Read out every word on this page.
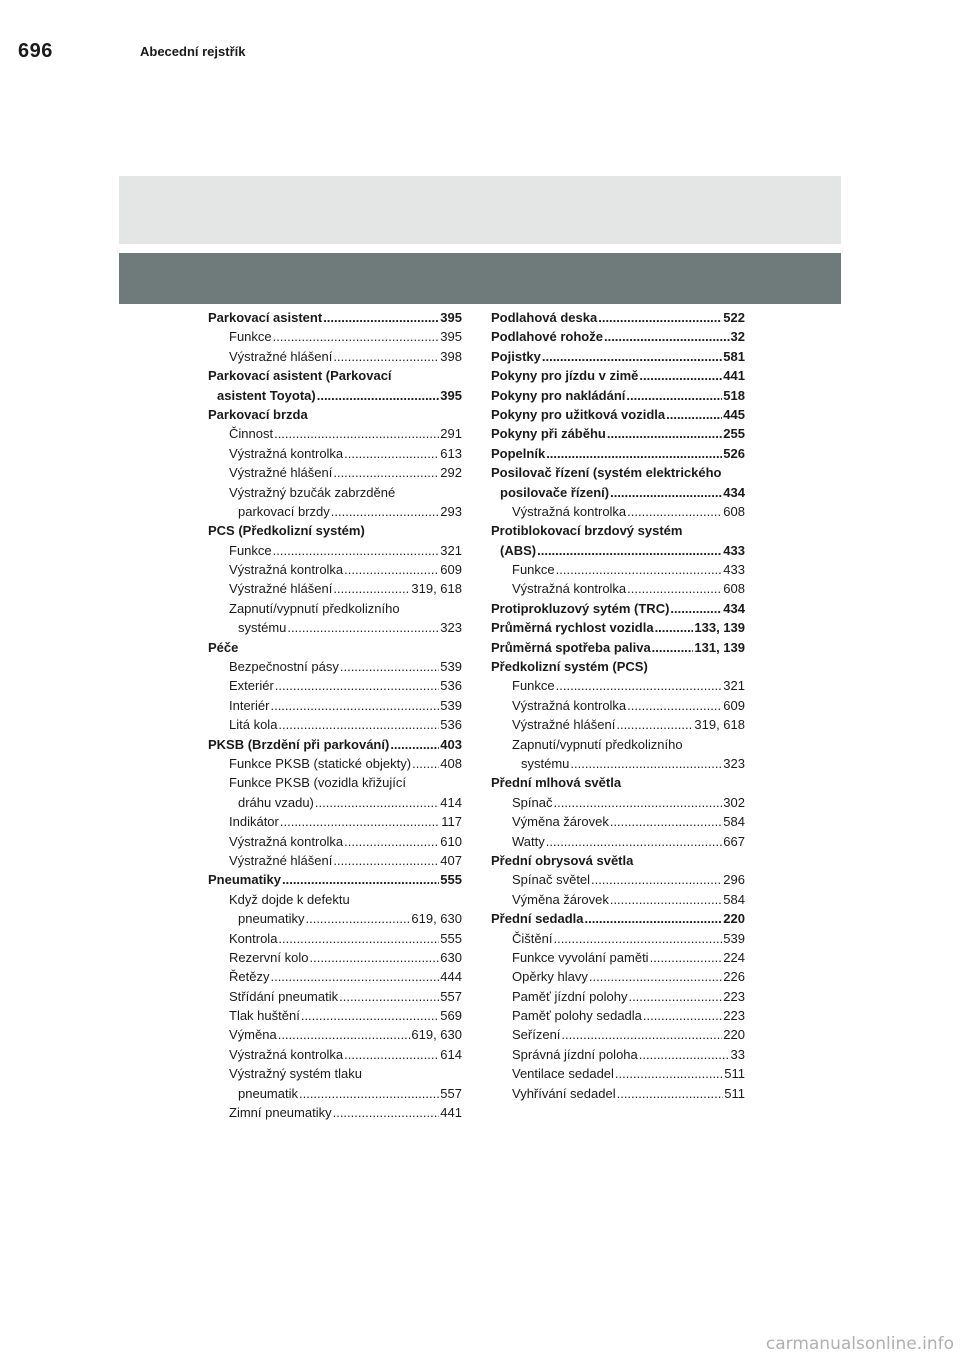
696	Abecední rejstřík
Parkovací asistent .....	395
Funkce .....	395
Výstražné hlášení .....	398
Parkovací asistent (Parkovací
asistent Toyota) .....	395
Parkovací brzda
Činnost .....	291
Výstražná kontrolka .....	613
Výstražné hlášení .....	292
Výstražný bzučák zabrzděné
parkovací brzdy .....	293
PCS (Předkolizní systém)
Funkce .....	321
Výstražná kontrolka .....	609
Výstražné hlášení .....	319, 618
Zapnutí/vypnutí předkolizního
systému .....	323
Péče
Bezpečnostní pásy .....	539
Exteriér .....	536
Interiér .....	539
Litá kola .....	536
PKSB (Brzdění při parkování) .....	403
Funkce PKSB (statické objekty) ..... 408
Funkce PKSB (vozidla křižující
dráhu vzadu) .....	414
Indikátor .....	117
Výstražná kontrolka .....	610
Výstražné hlášení .....	407
Pneumatiky .....	555
Když dojde k defektu
pneumatiky .....	619, 630
Kontrola .....	555
Rezervní kolo .....	630
Řetězy .....	444
Střídání pneumatik .....	557
Tlak huštění .....	569
Výměna .....	619, 630
Výstražná kontrolka .....	614
Výstražný systém tlaku
pneumatik .....	557
Zimní pneumatiky .....	441
Podlahová deska .....	522
Podlahové rohože .....	32
Pojistky .....	581
Pokyny pro jízdu v zimě .....	441
Pokyny pro nakládání .....	518
Pokyny pro užitková vozidla .....	445
Pokyny při záběhu .....	255
Popelník .....	526
Posilovač řízení (systém elektrického
posilovače řízení) .....	434
Výstražná kontrolka .....	608
Protiblokovací brzdový systém
(ABS) .....	433
Funkce .....	433
Výstražná kontrolka .....	608
Protiprokluzový sytém (TRC) .....	434
Průměrná rychlost vozidla .....	133, 139
Průměrná spotřeba paliva .....	131, 139
Předkolizní systém (PCS)
Funkce .....	321
Výstražná kontrolka .....	609
Výstražné hlášení .....	319, 618
Zapnutí/vypnutí předkolizního
systému .....	323
Přední mlhová světla
Spínač .....	302
Výměna žárovek .....	584
Watty .....	667
Přední obrysová světla
Spínač světel .....	296
Výměna žárovek .....	584
Přední sedadla .....	220
Čištění .....	539
Funkce vyvolání paměti .....	224
Opěrky hlavy .....	226
Paměť jízdní polohy .....	223
Paměť polohy sedadla .....	223
Seřízení .....	220
Správná jízdní poloha .....	33
Ventilace sedadel .....	511
Vyhřívání sedadel .....	511
carmanualsonline.info
